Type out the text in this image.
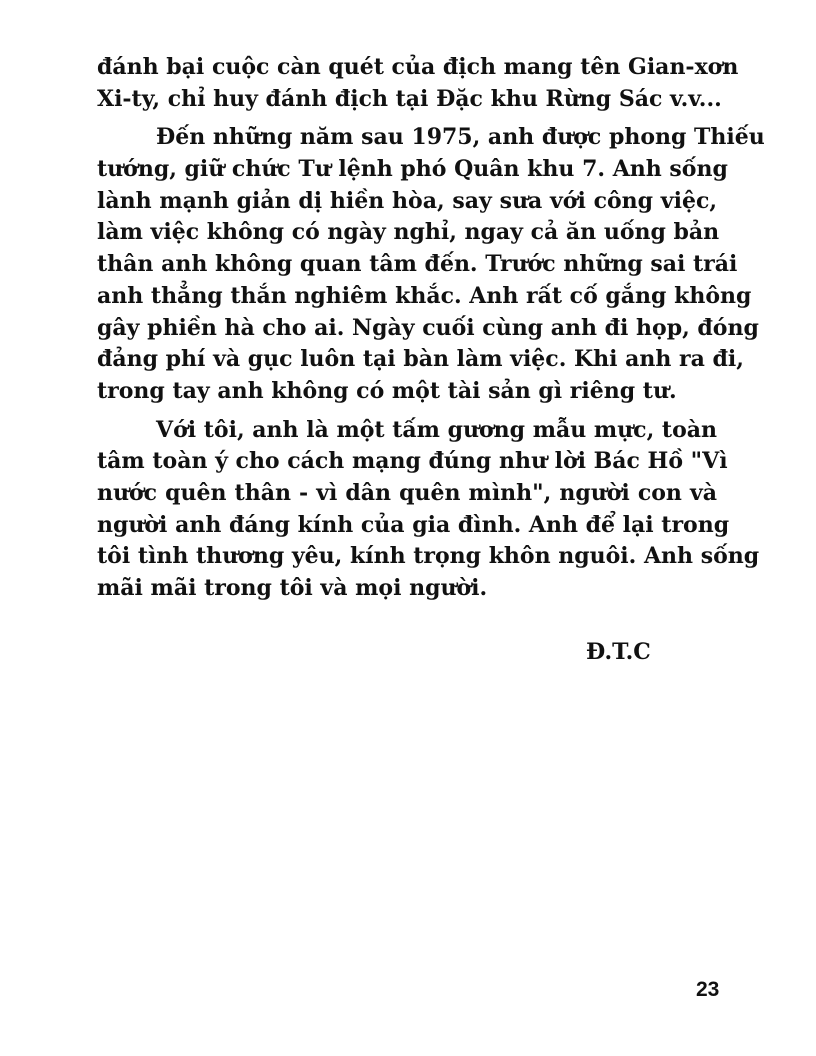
đánh bại cuộc càn quét của địch mang tên Gian-xơn
Xi-ty, chỉ huy đánh địch tại Đặc khu Rừng Sác v.v...
Đến những năm sau 1975, anh được phong Thiếu
tướng, giữ chức Tư lệnh phó Quân khu 7. Anh sống
lành mạnh giản dị hiền hòa, say sưa với công việc,
làm việc không có ngày nghỉ, ngay cả ăn uống bản
thân anh không quan tâm đến. Trước những sai trái
anh thẳng thắn nghiêm khắc. Anh rất cố gắng không
gây phiền hà cho ai. Ngày cuối cùng anh đi họp, đóng
đảng phí và gục luôn tại bàn làm việc. Khi anh ra đi,
trong tay anh không có một tài sản gì riêng tư.
Với tôi, anh là một tấm gương mẫu mực, toàn
tâm toàn ý cho cách mạng đúng như lời Bác Hồ "Vì
nước quên thân - vì dân quên mình", người con và
người anh đáng kính của gia đình. Anh để lại trong
tôi tình thương yêu, kính trọng khôn nguôi. Anh sống
mãi mãi trong tôi và mọi người.
Đ.T.C
23
